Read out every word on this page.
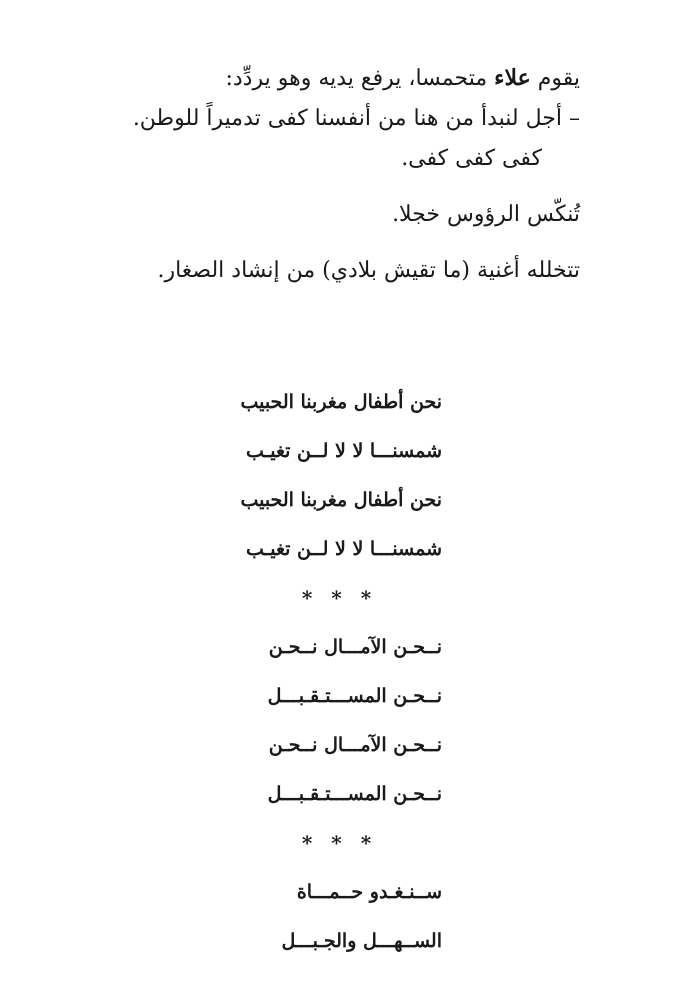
يقوم علاء متحمسا، يرفع يديه وهو يردِّد:

– أجل لنبدأ من هنا من أنفسنا كفى تدميراً للوطن.

كفى كفى كفى.

تُنكّس الرؤوس خجلا.

تتخلله أغنية (ما تقيش بلادي) من إنشاد الصغار.

نحن أطفال مغربنا الحبيب
شمسنـــا لا لا لــن تغيـب
نحن أطفال مغربنا الحبيب
شمسنـــا لا لا لــن تغيـب
* * *
نــحـن الآمـــال نــحـن
نــحـن المســـتـقـبـــل
نــحـن الآمـــال نــحـن
نــحـن المســـتـقـبـــل
* * *
ســنـغـدو حــمـــاة
الســهـــل والجـبـــل
